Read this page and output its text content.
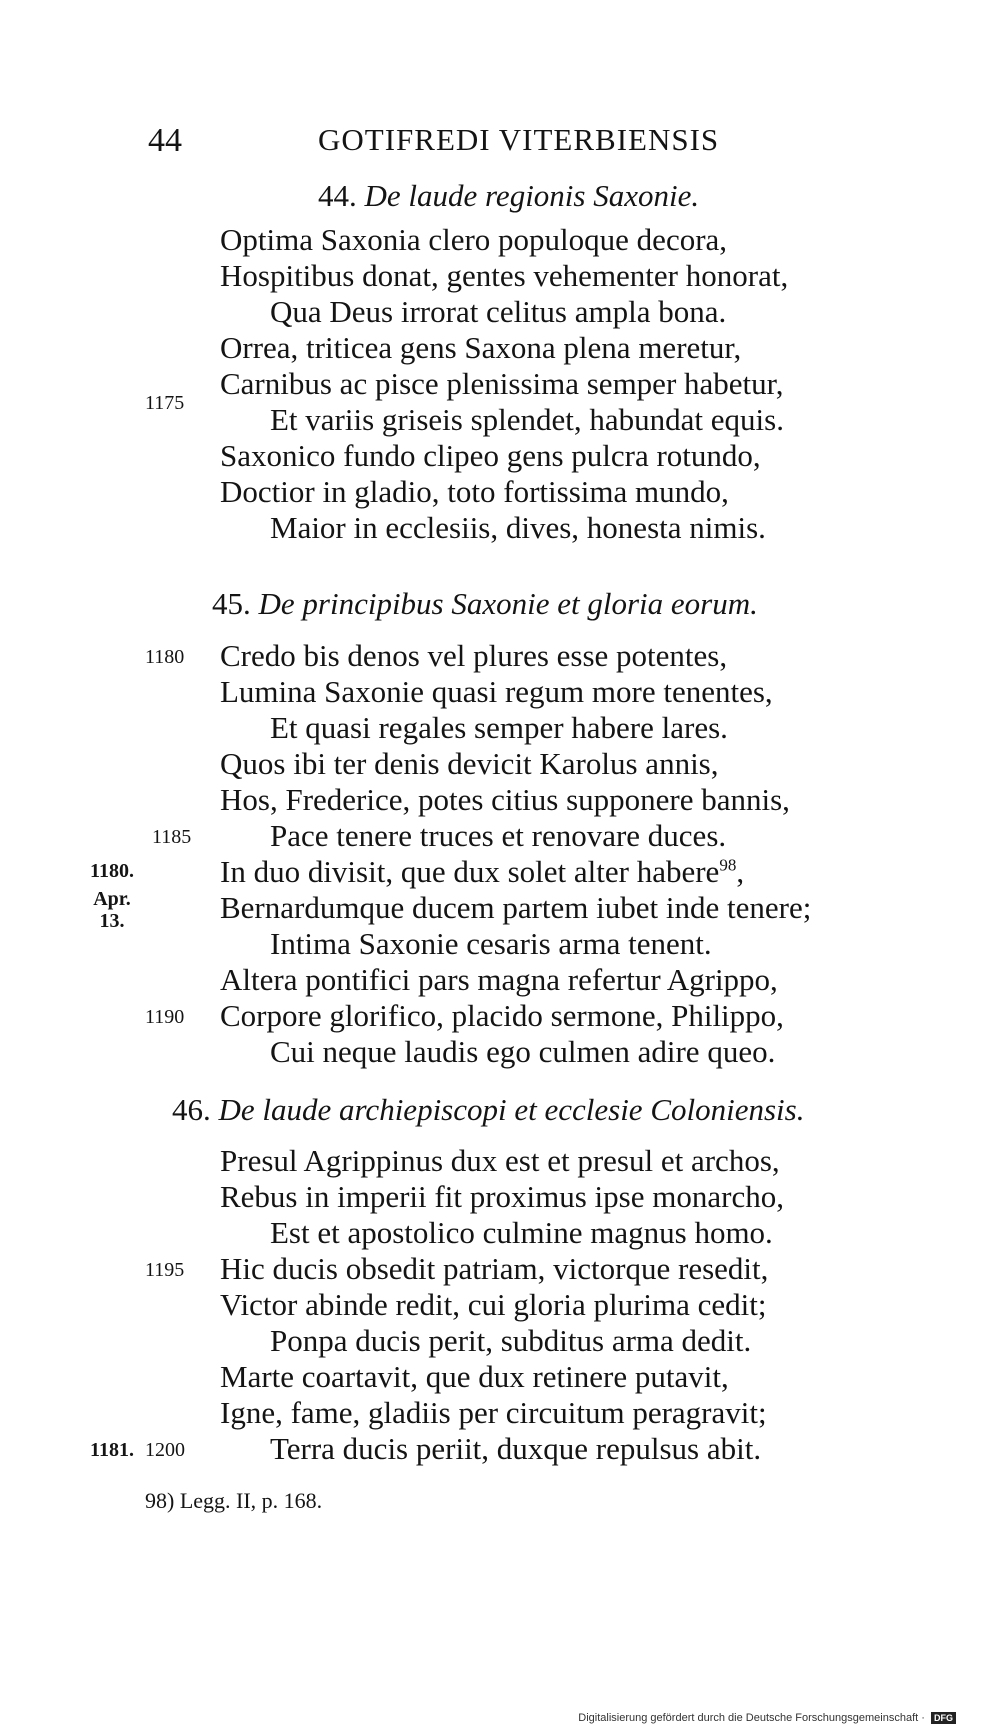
44	GOTIFREDI VITERBIENSIS
44. De laude regionis Saxonie.
Optima Saxonia clero populoque decora,
Hospitibus donat, gentes vehementer honorat,
Qua Deus irrorat celitus ampla bona.
Orrea, triticea gens Saxona plena meretur,
Carnibus ac pisce plenissima semper habetur,
Et variis griseis splendet, habundat equis.
Saxonico fundo clipeo gens pulcra rotundo,
Doctior in gladio, toto fortissima mundo,
Maior in ecclesiis, dives, honesta nimis.
45. De principibus Saxonie et gloria eorum.
Credo bis denos vel plures esse potentes,
Lumina Saxonie quasi regum more tenentes,
Et quasi regales semper habere lares.
Quos ibi ter denis devicit Karolus annis,
Hos, Frederice, potes citius supponere bannis,
Pace tenere truces et renovare duces.
In duo divisit, que dux solet alter habere$^{98}$,
Bernardumque ducem partem iubet inde tenere;
Intima Saxonie cesaris arma tenent.
Altera pontifici pars magna refertur Agrippo,
Corpore glorifico, placido sermone, Philippo,
Cui neque laudis ego culmen adire queo.
46. De laude archiepiscopi et ecclesie Coloniensis.
Presul Agrippinus dux est et presul et archos,
Rebus in imperii fit proximus ipse monarcho,
Est et apostolico culmine magnus homo.
Hic ducis obsedit patriam, victorque resedit,
Victor abinde redit, cui gloria plurima cedit;
Ponpa ducis perit, subditus arma dedit.
Marte coartavit, que dux retinere putavit,
Igne, fame, gladiis per circuitum peragravit;
Terra ducis periit, duxque repulsus abit.
1175
1180
1185
1190
1195
1200
1180.
Apr.
13.
1181.
98) Legg. II, p. 168.
Digitalisierung gefördert durch die Deutsche Forschungsgemeinschaft · DFG
